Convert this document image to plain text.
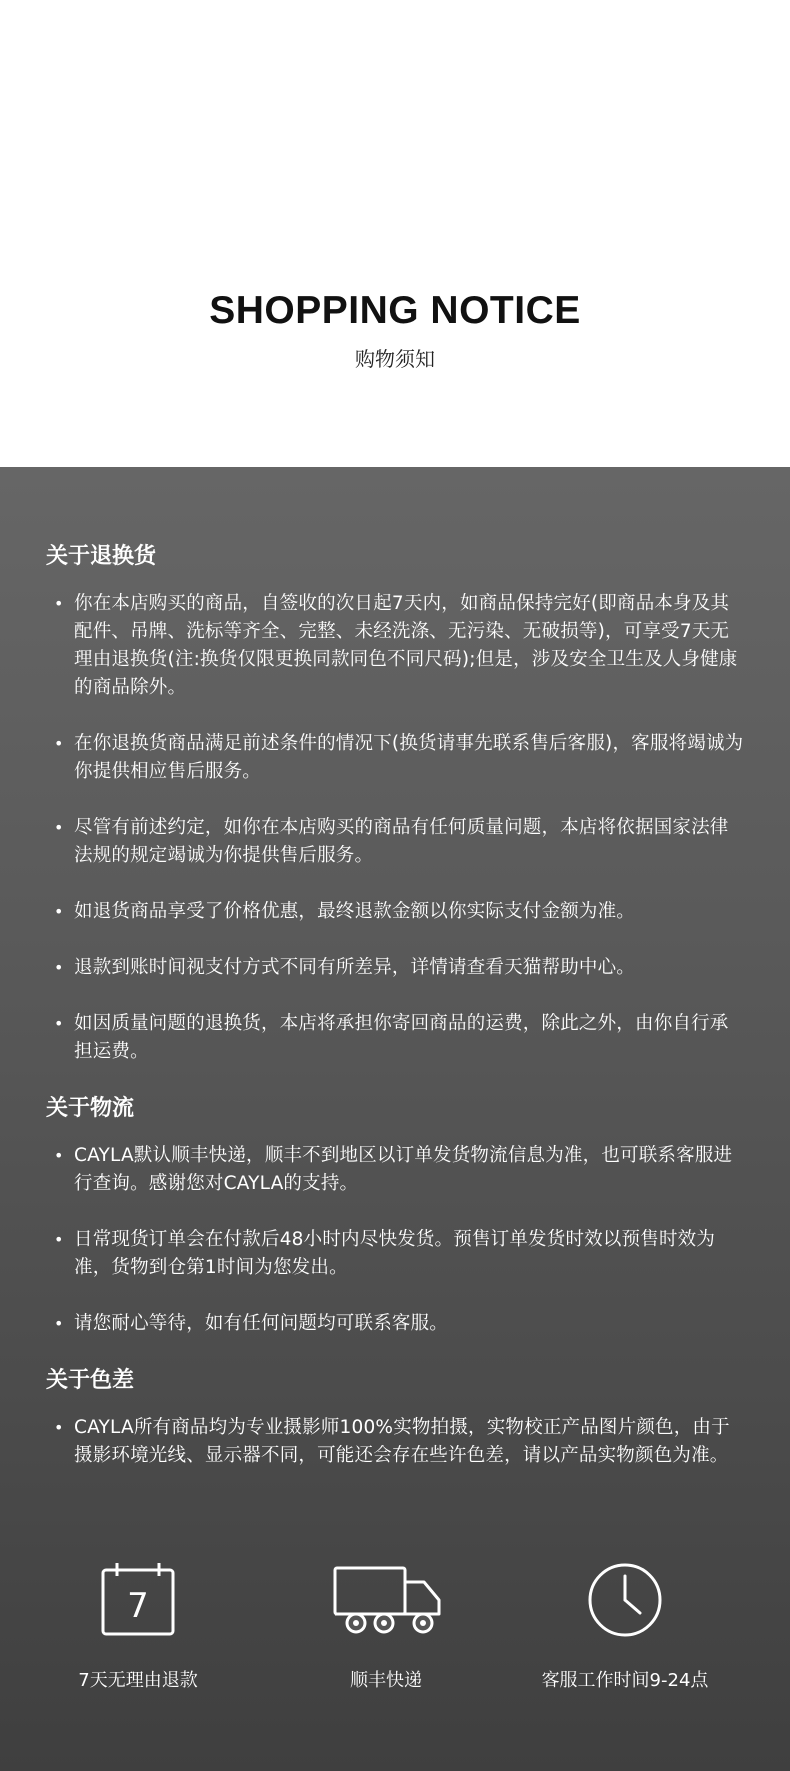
SHOPPING NOTICE
购物须知
关于退换货
• 你在本店购买的商品，自签收的次日起7天内，如商品保持完好(即商品本身及其配件、吊牌、洗标等齐全、完整、未经洗涤、无污染、无破损等)，可享受7天无理由退换货(注:换货仅限更换同款同色不同尺码);但是，涉及安全卫生及人身健康的商品除外。
• 在你退换货商品满足前述条件的情况下(换货请事先联系售后客服)，客服将竭诚为你提供相应售后服务。
• 尽管有前述约定，如你在本店购买的商品有任何质量问题，本店将依据国家法律法规的规定竭诚为你提供售后服务。
• 如退货商品享受了价格优惠，最终退款金额以你实际支付金额为准。
• 退款到账时间视支付方式不同有所差异，详情请查看天猫帮助中心。
• 如因质量问题的退换货，本店将承担你寄回商品的运费，除此之外，由你自行承担运费。
关于物流
• CAYLA默认顺丰快递，顺丰不到地区以订单发货物流信息为准，也可联系客服进行查询。感谢您对CAYLA的支持。
• 日常现货订单会在付款后48小时内尽快发货。预售订单发货时效以预售时效为准，货物到仓第1时间为您发出。
• 请您耐心等待，如有任何问题均可联系客服。
关于色差
• CAYLA所有商品均为专业摄影师100%实物拍摄，实物校正产品图片颜色，由于摄影环境光线、显示器不同，可能还会存在些许色差，请以产品实物颜色为准。
7
7天无理由退款	顺丰快递	客服工作时间9-24点
